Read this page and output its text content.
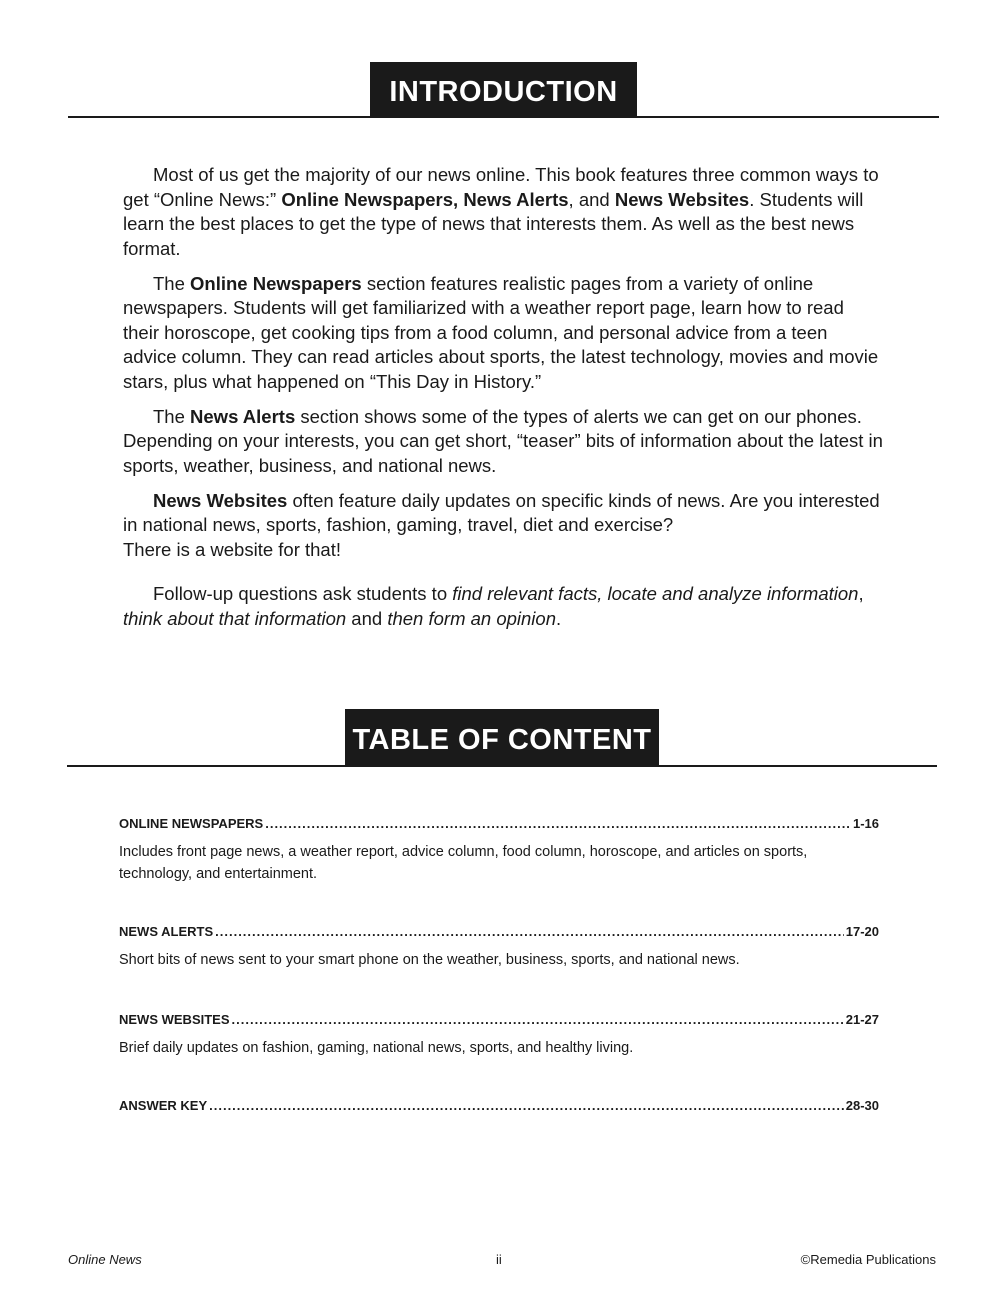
INTRODUCTION

Most of us get the majority of our news online. This book features three common ways to get “Online News:” Online Newspapers, News Alerts, and News Websites. Students will learn the best places to get the type of news that interests them. As well as the best news format.

The Online Newspapers section features realistic pages from a variety of online newspapers. Students will get familiarized with a weather report page, learn how to read their horoscope, get cooking tips from a food column, and personal advice from a teen advice column. They can read articles about sports, the latest technology, movies and movie stars, plus what happened on “This Day in History.”

The News Alerts section shows some of the types of alerts we can get on our phones. Depending on your interests, you can get short, “teaser” bits of information about the latest in sports, weather, business, and national news.

News Websites often feature daily updates on specific kinds of news. Are you interested in national news, sports, fashion, gaming, travel, diet and exercise?
There is a website for that!

Follow-up questions ask students to find relevant facts, locate and analyze information, think about that information and then form an opinion.

TABLE OF CONTENT
ONLINE NEWSPAPERS .....	1-16
Includes front page news, a weather report, advice column, food column, horoscope, and articles on sports, technology, and entertainment.
NEWS ALERTS .....	17-20
Short bits of news sent to your smart phone on the weather, business, sports, and national news.
NEWS WEBSITES .....	21-27
Brief daily updates on fashion, gaming, national news, sports, and healthy living.
ANSWER KEY .....	28-30
Online News	ii	©Remedia Publications
